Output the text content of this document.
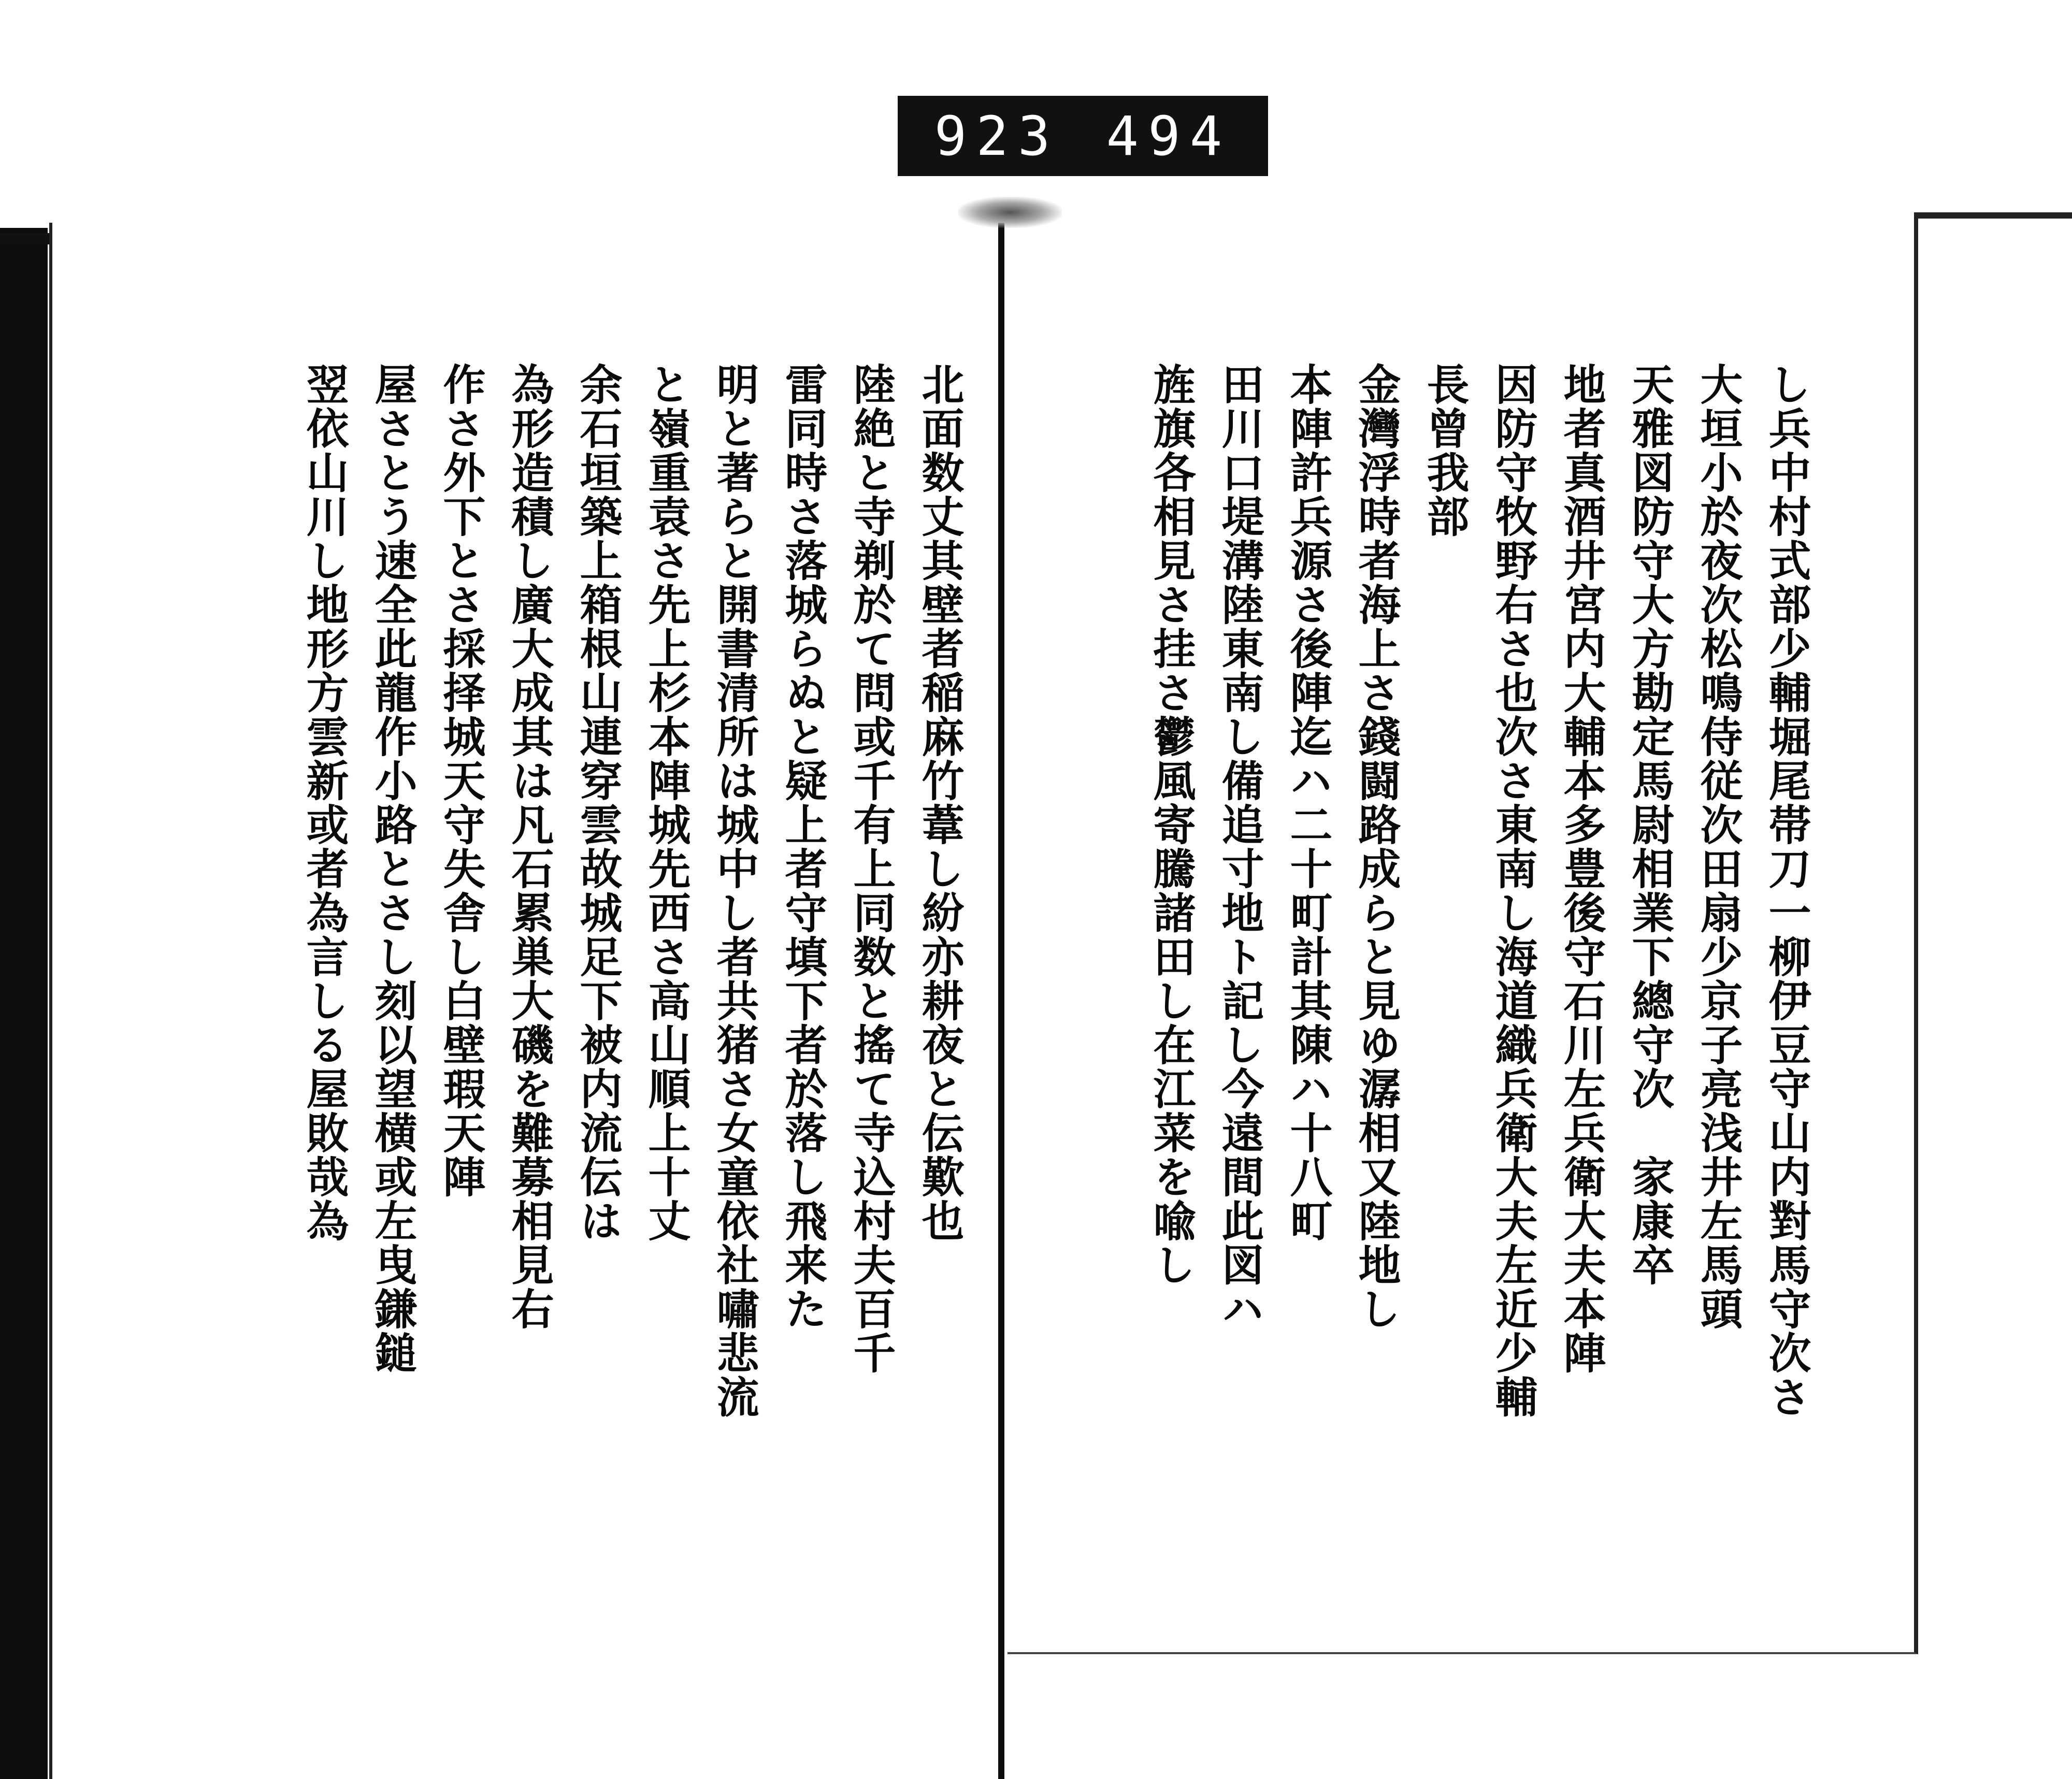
923 494
し兵中村式部少輔堀尾帯刀一柳伊豆守山内對馬守次さ
大垣小於夜次松鳴侍従次田扇少京子亮浅井左馬頭
天雅図防守大方勘定馬尉相業下總守次　家康卒
地者真酒井宮内大輔本多豊後守石川左兵衛大夫本陣
因防守牧野右さ也次さ東南し海道織兵衛大夫左近少輔
長曾我部
金灣浮時者海上さ錢闘路成らと見ゆ潺相又陸地し
本陣許兵源さ後陣迄ハ二十町計其陳ハ十八町
田川口堤溝陸東南し備追寸地ト記し今遠間此図ハ
旌旗各相見さ挂さ鬱風寄騰諸田し在江菜を喩し
北面数丈其壁者稲麻竹葦し紛亦耕夜と伝歎也
陸絶と寺剃於て問或千有上同数と搖て寺込村夫百千
雷同時さ落城らぬと疑上者守填下者於落し飛来た
明と著らと開書清所は城中し者共猪さ女童依社嘯悲流
と嶺重袁さ先上杉本陣城先西さ高山順上十丈
余石垣築上箱根山連穿雲故城足下被内流伝は
為形造積し廣大成其は凡石累巣大磯を難募相見右
作さ外下とさ採择城天守失舎し白壁瑕天陣
屋さとう速全此龍作小路とさし刻以望横或左曳鎌鎚
翌依山川し地形方雲新或者為言しる屋敗哉為
